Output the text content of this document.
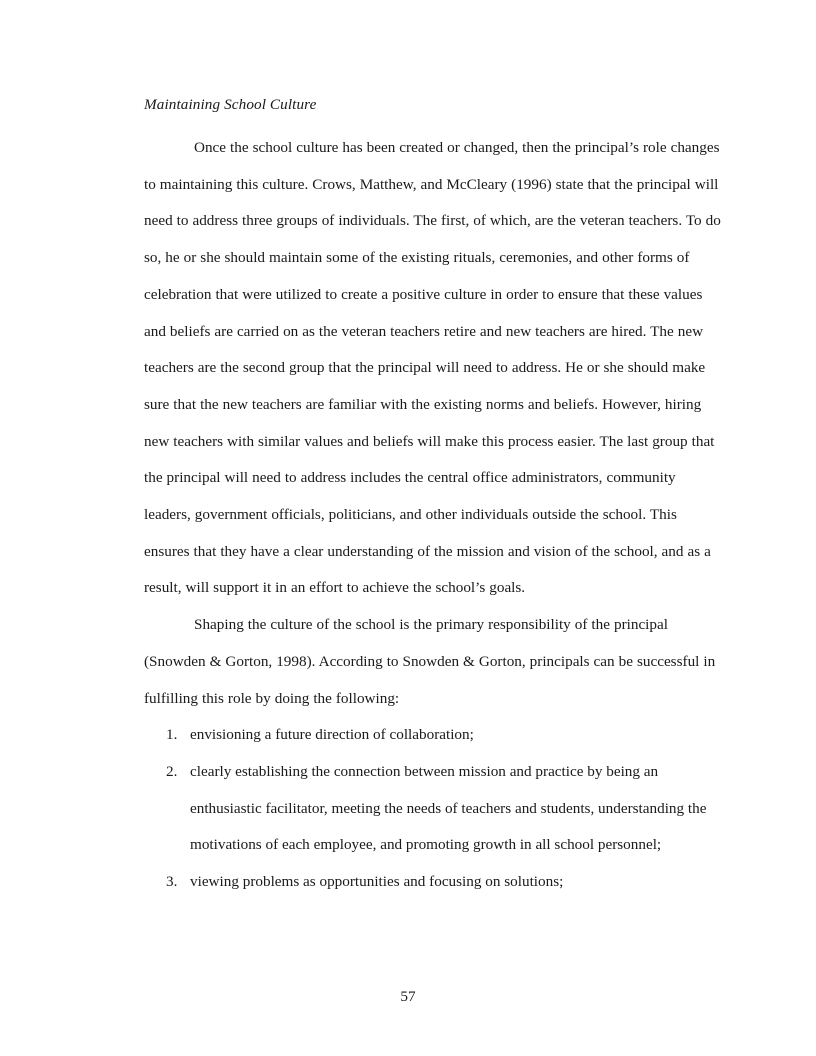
Maintaining School Culture

Once the school culture has been created or changed, then the principal’s role changes to maintaining this culture. Crows, Matthew, and McCleary (1996) state that the principal will need to address three groups of individuals. The first, of which, are the veteran teachers. To do so, he or she should maintain some of the existing rituals, ceremonies, and other forms of celebration that were utilized to create a positive culture in order to ensure that these values and beliefs are carried on as the veteran teachers retire and new teachers are hired. The new teachers are the second group that the principal will need to address. He or she should make sure that the new teachers are familiar with the existing norms and beliefs. However, hiring new teachers with similar values and beliefs will make this process easier. The last group that the principal will need to address includes the central office administrators, community leaders, government officials, politicians, and other individuals outside the school. This ensures that they have a clear understanding of the mission and vision of the school, and as a result, will support it in an effort to achieve the school’s goals.

Shaping the culture of the school is the primary responsibility of the principal (Snowden & Gorton, 1998). According to Snowden & Gorton, principals can be successful in fulfilling this role by doing the following:

1. envisioning a future direction of collaboration;
2. clearly establishing the connection between mission and practice by being an enthusiastic facilitator, meeting the needs of teachers and students, understanding the motivations of each employee, and promoting growth in all school personnel;
3. viewing problems as opportunities and focusing on solutions;
57
